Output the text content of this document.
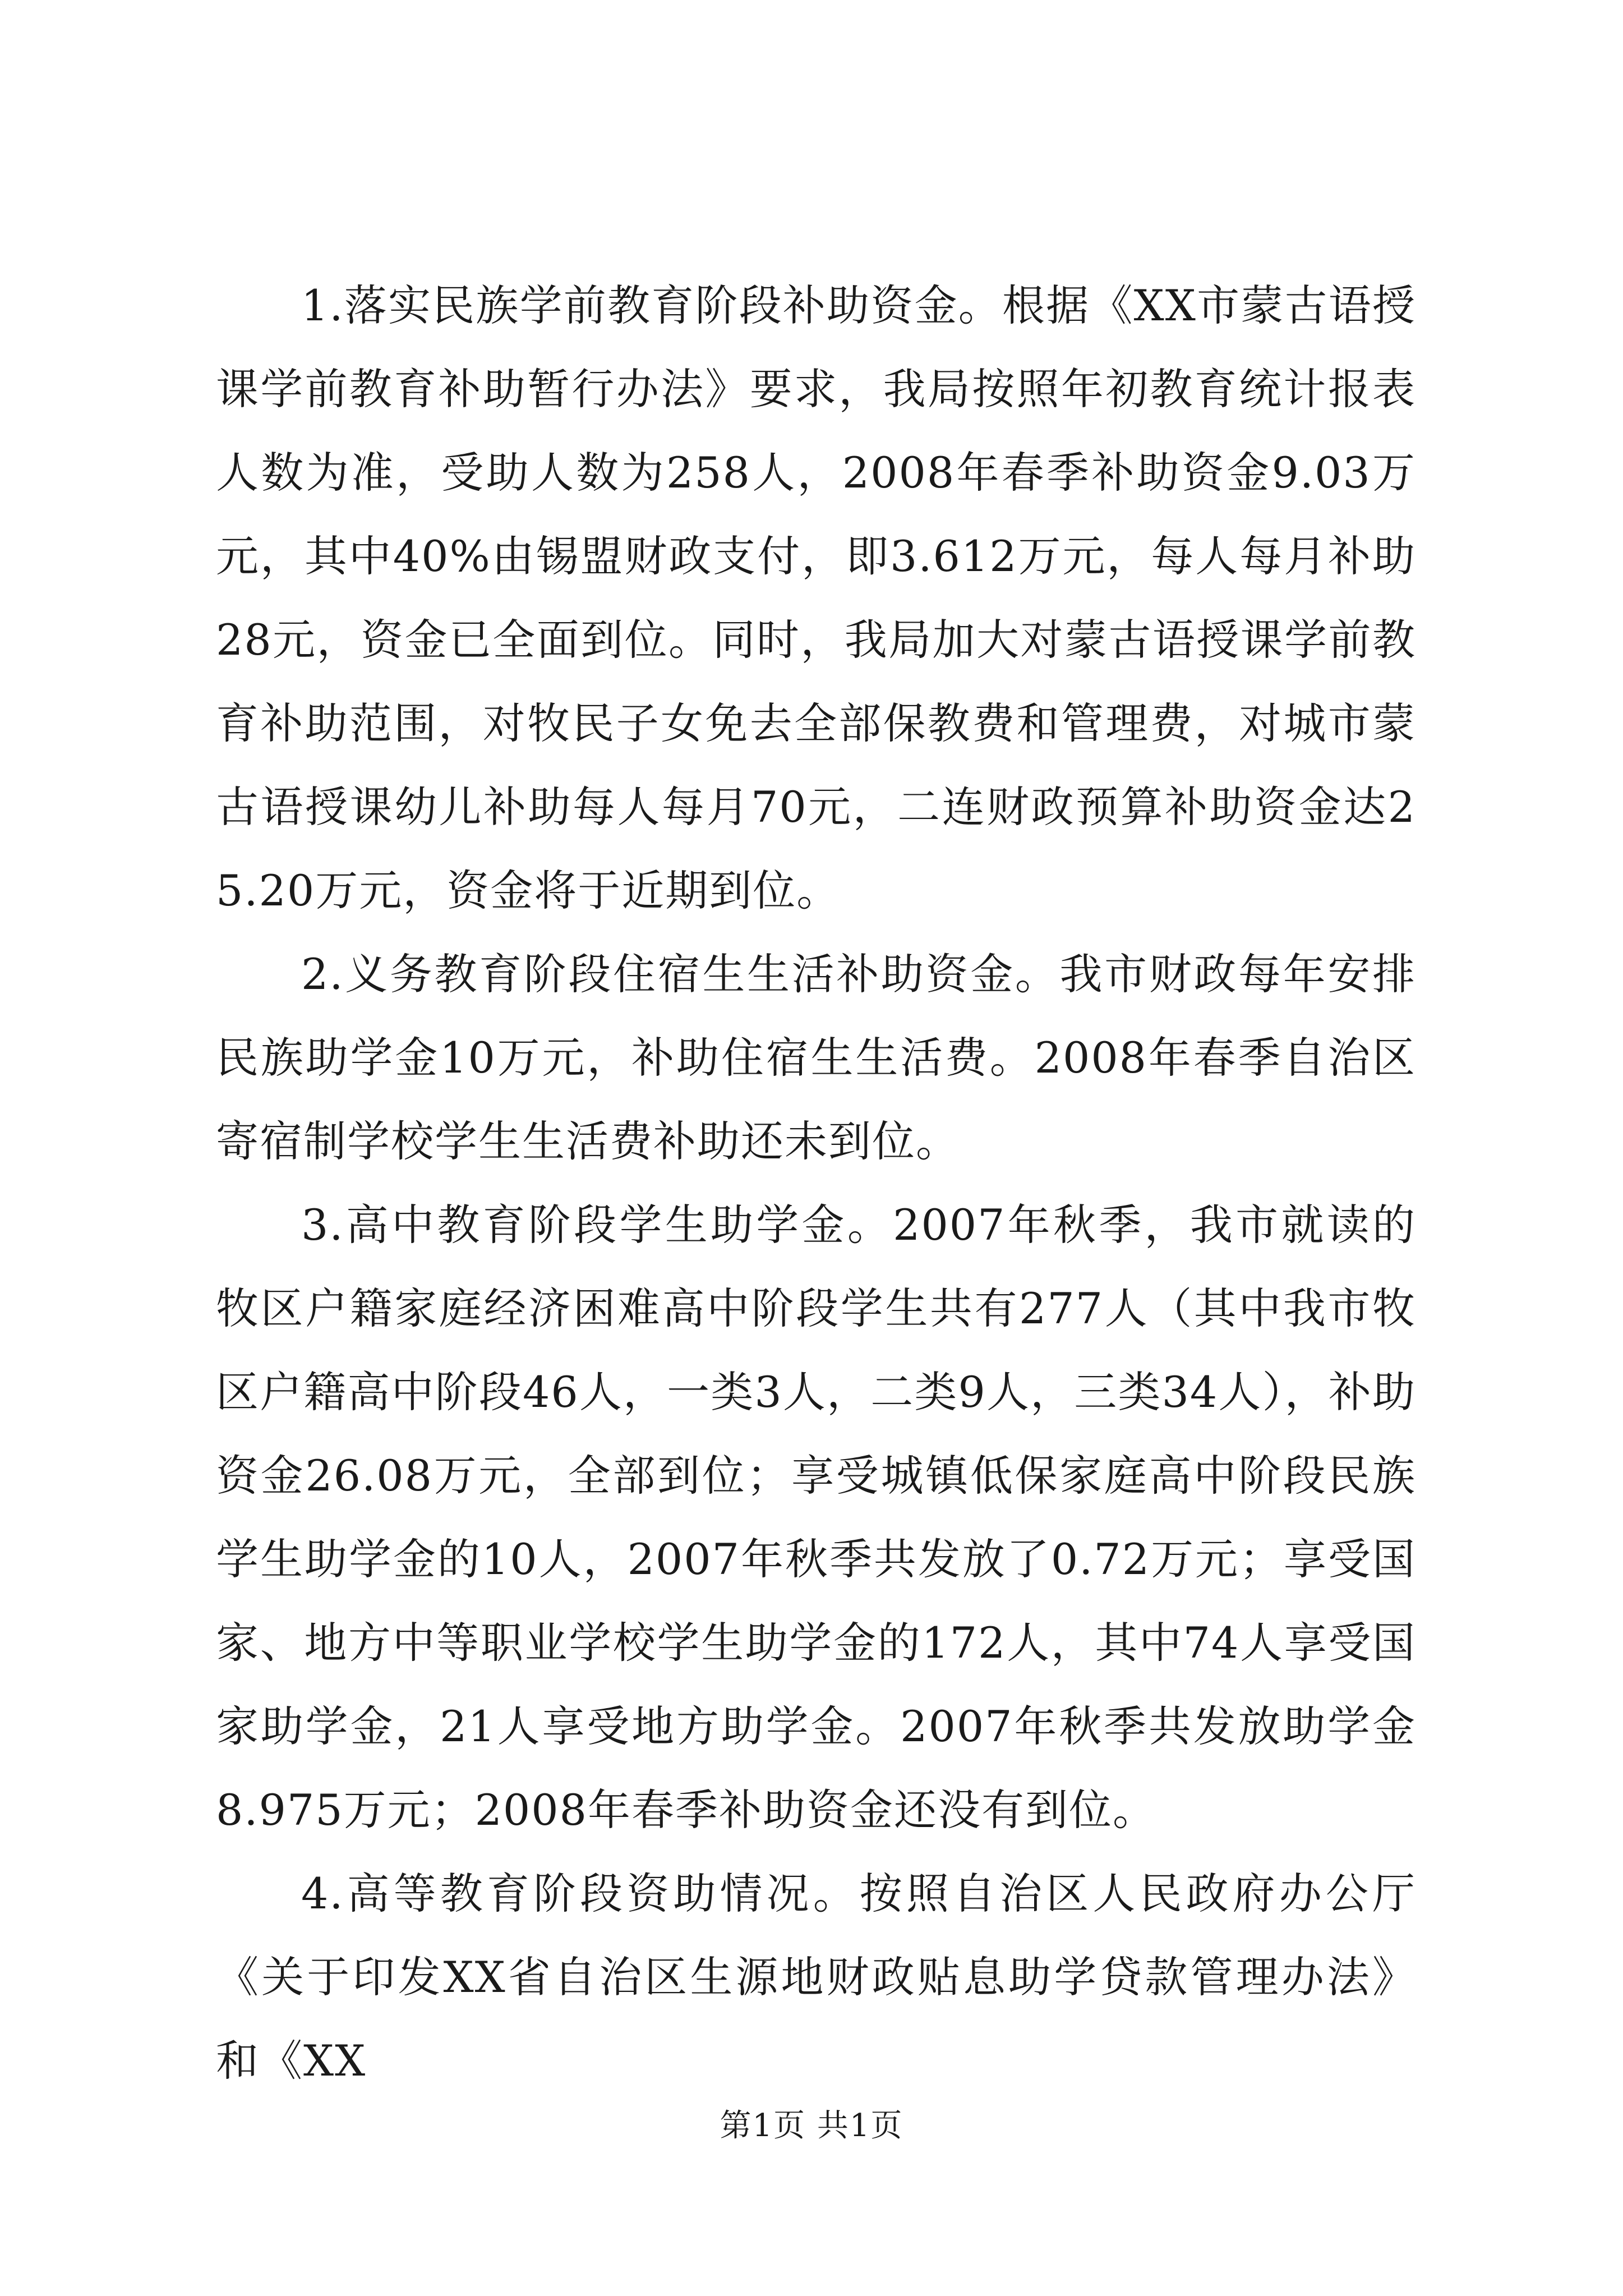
1.落实民族学前教育阶段补助资金。根据《XX市蒙古语授课学前教育补助暂行办法》要求，我局按照年初教育统计报表人数为准，受助人数为258人，2008年春季补助资金9.03万元，其中40%由锡盟财政支付，即3.612万元，每人每月补助28元，资金已全面到位。同时，我局加大对蒙古语授课学前教育补助范围，对牧民子女免去全部保教费和管理费，对城市蒙古语授课幼儿补助每人每月70元，二连财政预算补助资金达25.20万元，资金将于近期到位。

2.义务教育阶段住宿生生活补助资金。我市财政每年安排民族助学金10万元，补助住宿生生活费。2008年春季自治区寄宿制学校学生生活费补助还未到位。

3.高中教育阶段学生助学金。2007年秋季，我市就读的牧区户籍家庭经济困难高中阶段学生共有277人（其中我市牧区户籍高中阶段46人，一类3人，二类9人，三类34人），补助资金26.08万元，全部到位；享受城镇低保家庭高中阶段民族学生助学金的10人，2007年秋季共发放了0.72万元；享受国家、地方中等职业学校学生助学金的172人，其中74人享受国家助学金，21人享受地方助学金。2007年秋季共发放助学金8.975万元；2008年春季补助资金还没有到位。

4.高等教育阶段资助情况。按照自治区人民政府办公厅《关于印发XX省自治区生源地财政贴息助学贷款管理办法》和《XX

第1页 共1页
